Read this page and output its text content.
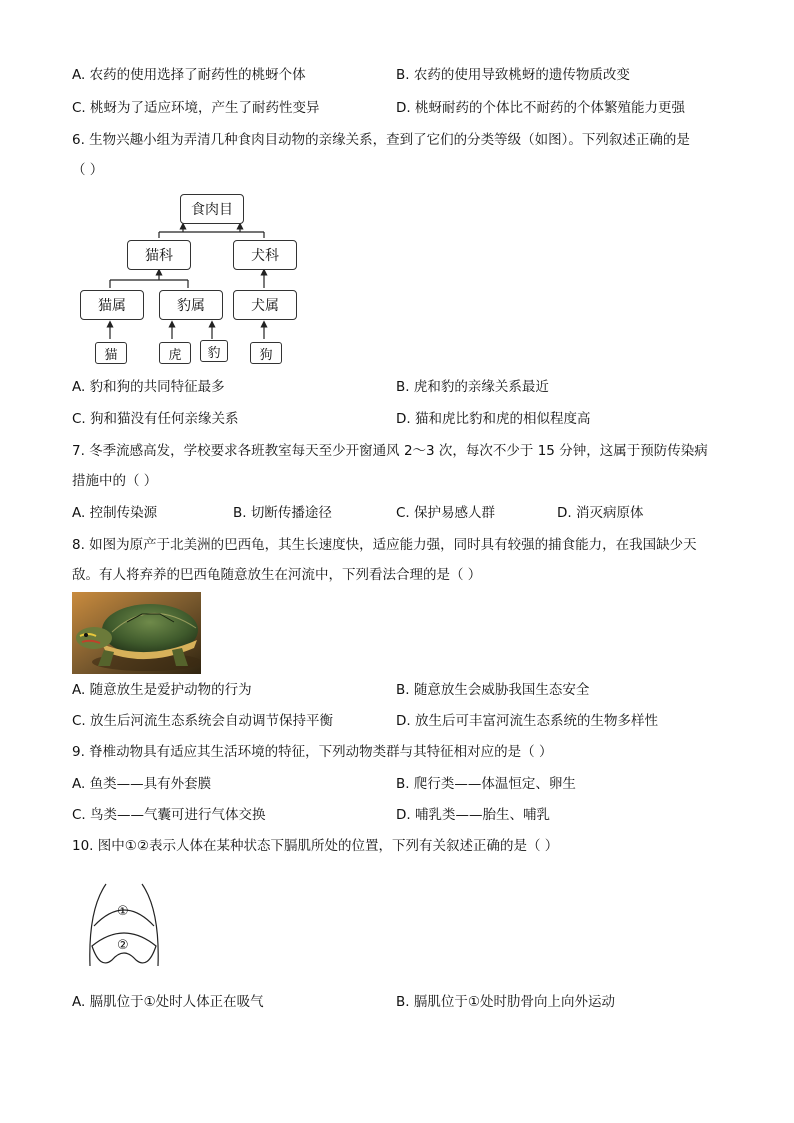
A. 农药的使用选择了耐药性的桃蚜个体	B. 农药的使用导致桃蚜的遗传物质改变
C. 桃蚜为了适应环境，产生了耐药性变异	D. 桃蚜耐药的个体比不耐药的个体繁殖能力更强
6. 生物兴趣小组为弄清几种食肉目动物的亲缘关系，查到了它们的分类等级（如图）。下列叙述正确的是
（ ）
食肉目
猫科	犬科
猫属	豹属	犬属
猫	虎	豹	狗
A. 豹和狗的共同特征最多	B. 虎和豹的亲缘关系最近
C. 狗和猫没有任何亲缘关系	D. 猫和虎比豹和虎的相似程度高
7. 冬季流感高发，学校要求各班教室每天至少开窗通风 2～3 次，每次不少于 15 分钟，这属于预防传染病
措施中的（ ）
A. 控制传染源	B. 切断传播途径	C. 保护易感人群	D. 消灭病原体
8. 如图为原产于北美洲的巴西龟，其生长速度快，适应能力强，同时具有较强的捕食能力，在我国缺少天
敌。有人将弃养的巴西龟随意放生在河流中，下列看法合理的是（ ）
A. 随意放生是爱护动物的行为	B. 随意放生会威胁我国生态安全
C. 放生后河流生态系统会自动调节保持平衡	D. 放生后可丰富河流生态系统的生物多样性
9. 脊椎动物具有适应其生活环境的特征，下列动物类群与其特征相对应的是（ ）
A. 鱼类——具有外套膜	B. 爬行类——体温恒定、卵生
C. 鸟类——气囊可进行气体交换	D. 哺乳类——胎生、哺乳
10. 图中①②表示人体在某种状态下膈肌所处的位置，下列有关叙述正确的是（ ）
①
②
A. 膈肌位于①处时人体正在吸气	B. 膈肌位于①处时肋骨向上向外运动
